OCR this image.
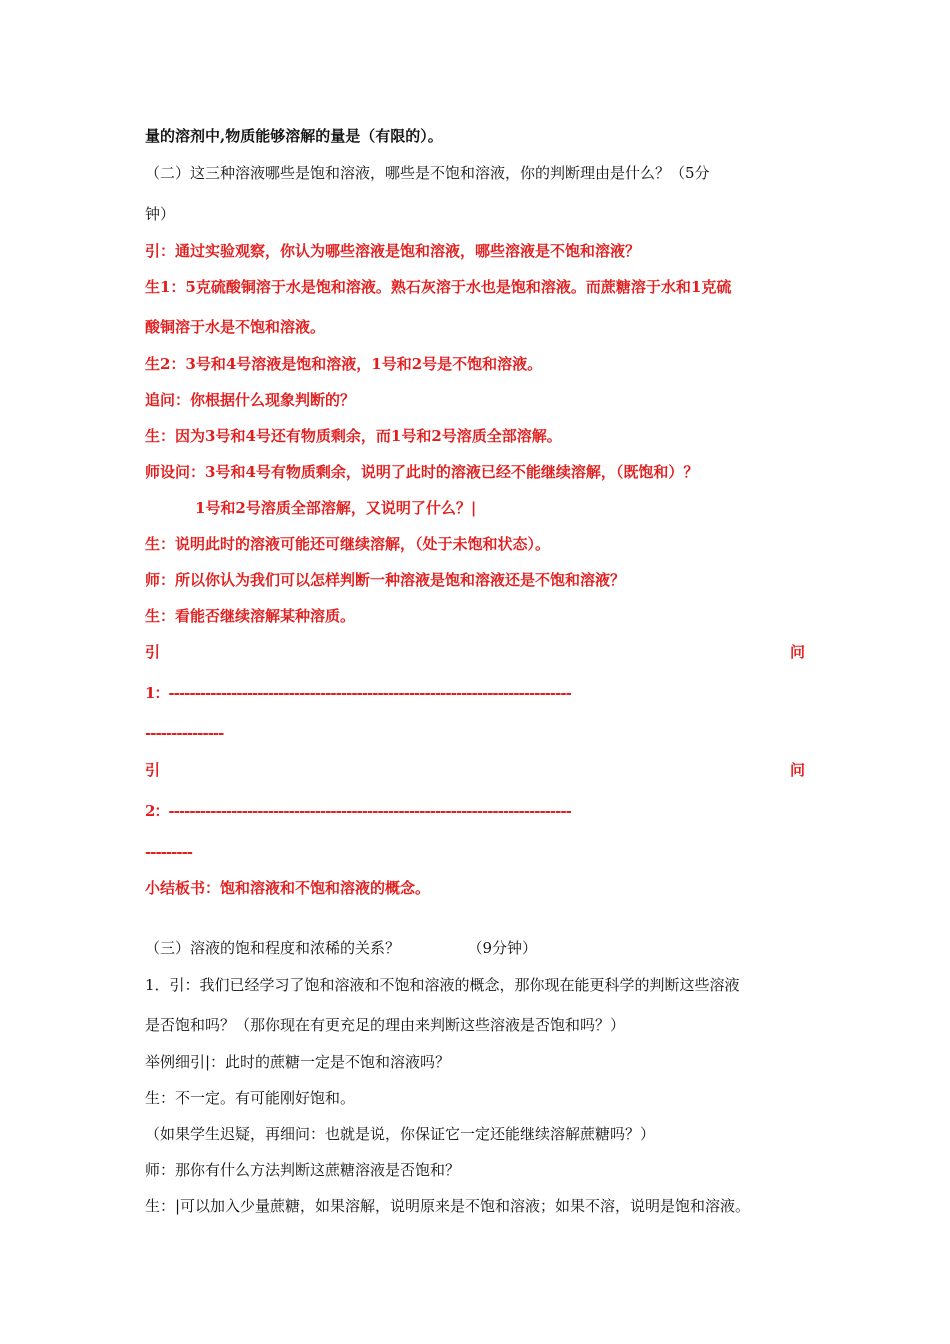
量的溶剂中,物质能够溶解的量是（有限的）。
（二）这三种溶液哪些是饱和溶液，哪些是不饱和溶液，你的判断理由是什么？（5分
钟）
引：通过实验观察，你认为哪些溶液是饱和溶液，哪些溶液是不饱和溶液？
生1：5克硫酸铜溶于水是饱和溶液。熟石灰溶于水也是饱和溶液。而蔗糖溶于水和1克硫
酸铜溶于水是不饱和溶液。
生2：3号和4号溶液是饱和溶液，1号和2号是不饱和溶液。
追问：你根据什么现象判断的？
生：因为3号和4号还有物质剩余，而1号和2号溶质全部溶解。
师设问：3号和4号有物质剩余，说明了此时的溶液已经不能继续溶解，（既饱和）？
1号和2号溶质全部溶解，又说明了什么？|
生：说明此时的溶液可能还可继续溶解，（处于未饱和状态）。
师：所以你认为我们可以怎样判断一种溶液是饱和溶液还是不饱和溶液？
生：看能否继续溶解某种溶质。
引	问
1：-----------------------------------------------------------------------------
---------------
引	问
2：-----------------------------------------------------------------------------
---------
小结板书：饱和溶液和不饱和溶液的概念。
（三）溶液的饱和程度和浓稀的关系？　　　　　（9分钟）
1．引：我们已经学习了饱和溶液和不饱和溶液的概念，那你现在能更科学的判断这些溶液
是否饱和吗？（那你现在有更充足的理由来判断这些溶液是否饱和吗？）
举例细引|：此时的蔗糖一定是不饱和溶液吗？
生：不一定。有可能刚好饱和。
（如果学生迟疑，再细问：也就是说，你保证它一定还能继续溶解蔗糖吗？）
师：那你有什么方法判断这蔗糖溶液是否饱和？
生：|可以加入少量蔗糖，如果溶解，说明原来是不饱和溶液；如果不溶，说明是饱和溶液。
